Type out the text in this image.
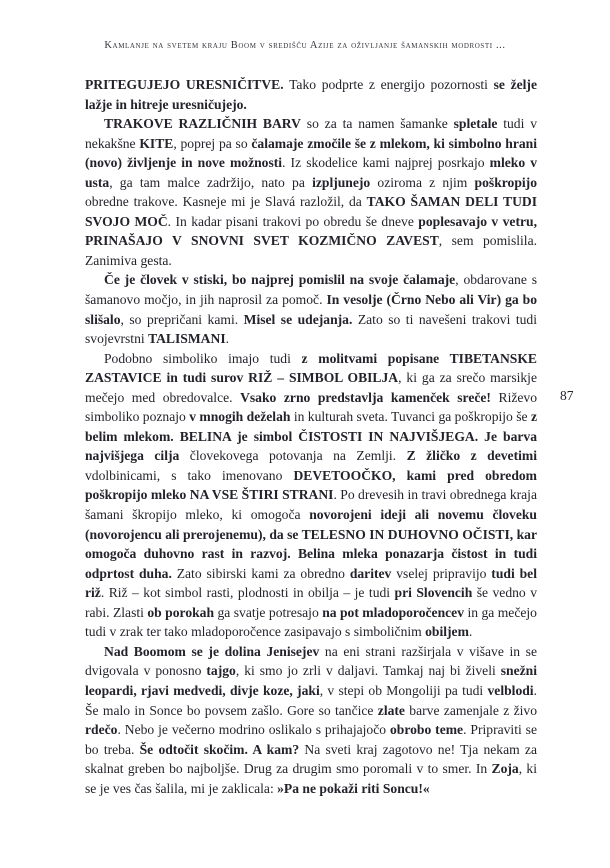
Kamlanje na svetem kraju Boom v središču Azije za oživljanje šamanskih modrosti ...
87

PRITEGUJEJO URESNIČITVE. Tako podprte z energijo pozornosti se želje lažje in hitreje uresničujejo.

TRAKOVE RAZLIČNIH BARV so za ta namen šamanke spletale tudi v nekakšne KITE, poprej pa so čalamaje zmočile še z mlekom, ki simbolno hrani (novo) življenje in nove možnosti. Iz skodelice kami najprej posrkajo mleko v usta, ga tam malce zadržijo, nato pa izpljunejo oziroma z njim poškropijo obredne trakove. Kasneje mi je Slavá razložil, da TAKO ŠAMAN DELI TUDI SVOJO MOČ. In kadar pisani trakovi po obredu še dneve poplesavajo v vetru, PRINAŠAJO V SNOVNI SVET KOZMIČNO ZAVEST, sem pomislila. Zanimiva gesta.

Če je človek v stiski, bo najprej pomislil na svoje čalamaje, obdarovane s šamanovo močjo, in jih naprosil za pomoč. In vesolje (Črno Nebo ali Vir) ga bo slišalo, so prepričani kami. Misel se udejanja. Zato so ti navešeni trakovi tudi svojevrstni TALISMANI.

Podobno simboliko imajo tudi z molitvami popisane TIBETANSKE ZASTAVICE in tudi surov RIŽ – SIMBOL OBILJA, ki ga za srečo marsikje mečejo med obredovalce. Vsako zrno predstavlja kamenček sreče! Riževo simboliko poznajo v mnogih deželah in kulturah sveta. Tuvanci ga poškropijo še z belim mlekom. BELINA je simbol ČISTOSTI IN NAJVIŠJEGA. Je barva najvišjega cilja človekovega potovanja na Zemlji. Z žličko z devetimi vdolbinicami, s tako imenovano DEVETOOČKO, kami pred obredom poškropijo mleko NA VSE ŠTIRI STRANI. Po drevesih in travi obrednega kraja šamani škropijo mleko, ki omogoča novorojeni ideji ali novemu človeku (novorojencu ali prerojenemu), da se TELESNO IN DUHOVNO OČISTI, kar omogoča duhovno rast in razvoj. Belina mleka ponazarja čistost in tudi odprtost duha. Zato sibirski kami za obredno daritev vselej pripravijo tudi bel riž. Riž – kot simbol rasti, plodnosti in obilja – je tudi pri Slovencih še vedno v rabi. Zlasti ob porokah ga svatje potresajo na pot mladoporočencev in ga mečejo tudi v zrak ter tako mladoporočence zasipavajo s simboličnim obiljem.

Nad Boomom se je dolina Jenisejev na eni strani razširjala v višave in se dvigovala v ponosno tajgo, ki smo jo zrli v daljavi. Tamkaj naj bi živeli snežni leopardi, rjavi medvedi, divje koze, jaki, v stepi ob Mongoliji pa tudi velblodi. Še malo in Sonce bo povsem zašlo. Gore so tančice zlate barve zamenjale z živo rdečo. Nebo je večerno modrino oslikalo s prihajajočo obrobo teme. Pripraviti se bo treba. Še odtočit skočim. A kam? Na sveti kraj zagotovo ne! Tja nekam za skalnat greben bo najboljše. Drug za drugim smo poromali v to smer. In Zoja, ki se je ves čas šalila, mi je zaklicala: »Pa ne pokaži riti Soncu!«
